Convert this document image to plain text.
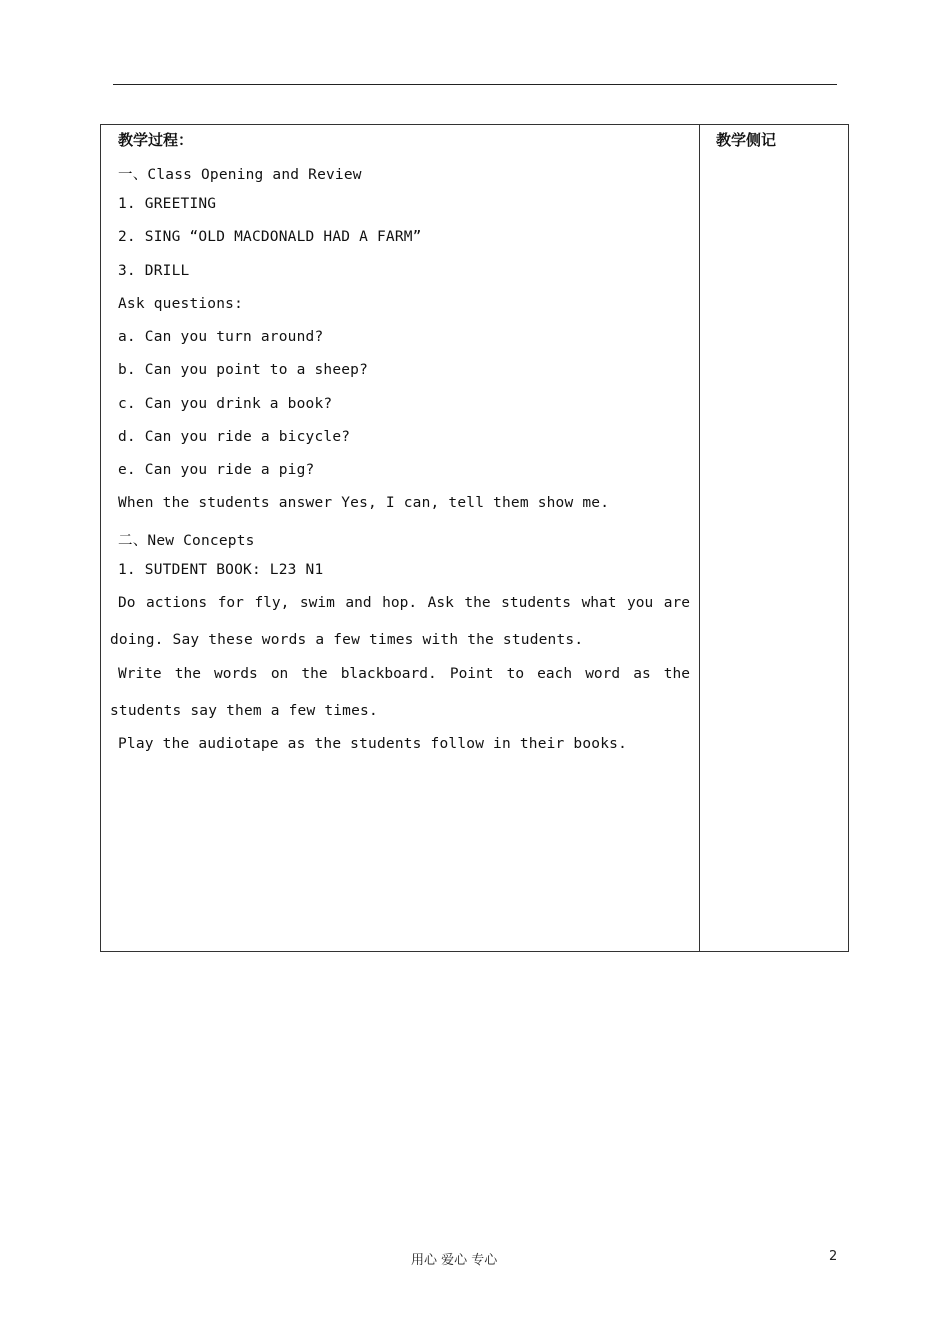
教学过程：	教学侧记
一、Class Opening and Review
1. GREETING
2. SING “OLD MACDONALD HAD A FARM”
3. DRILL
Ask questions:
a. Can you turn around?
b. Can you point to a sheep?
c. Can you drink a book?
d. Can you ride a bicycle?
e. Can you ride a pig?
When the students answer Yes, I can, tell them show me.
二、New Concepts
1. SUTDENT BOOK: L23 N1
Do actions for fly, swim and hop. Ask the students what you are
doing. Say these words a few times with the students.
Write the words on the blackboard. Point to each word as the
students say them a few times.
Play the audiotape as the students follow in their books.
用心 爱心 专心	2
